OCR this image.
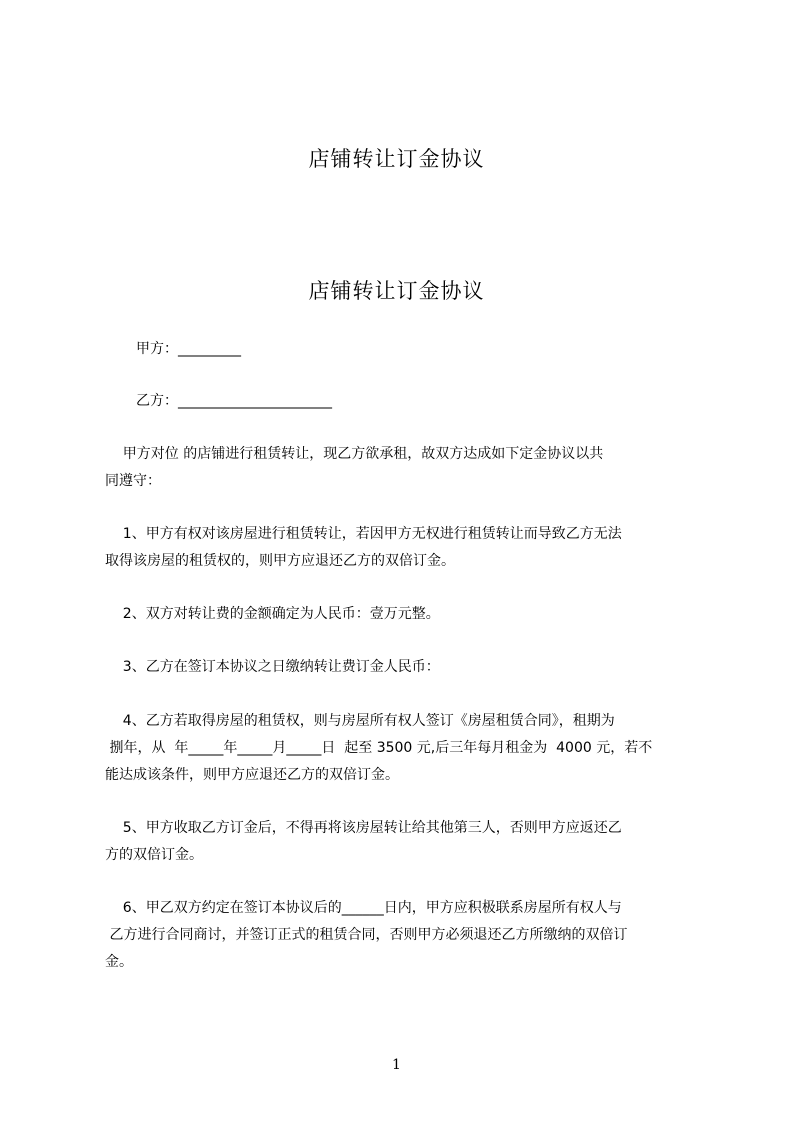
店铺转让订金协议
店铺转让订金协议
甲方：_________
乙方：______________________
甲方对位 的店铺进行租赁转让，现乙方欲承租，故双方达成如下定金协议以共
同遵守：
1、甲方有权对该房屋进行租赁转让，若因甲方无权进行租赁转让而导致乙方无法
取得该房屋的租赁权的，则甲方应退还乙方的双倍订金。
2、双方对转让费的金额确定为人民币：壹万元整。
3、乙方在签订本协议之日缴纳转让费订金人民币：
4、乙方若取得房屋的租赁权，则与房屋所有权人签订《房屋租赁合同》，租期为
捌年，从  年_____年_____月_____日  起至 3500 元,后三年每月租金为  4000 元，若不
能达成该条件，则甲方应退还乙方的双倍订金。
5、甲方收取乙方订金后，不得再将该房屋转让给其他第三人，否则甲方应返还乙
方的双倍订金。
6、甲乙双方约定在签订本协议后的______日内，甲方应积极联系房屋所有权人与
乙方进行合同商讨，并签订正式的租赁合同，否则甲方必须退还乙方所缴纳的双倍订
金。
1
